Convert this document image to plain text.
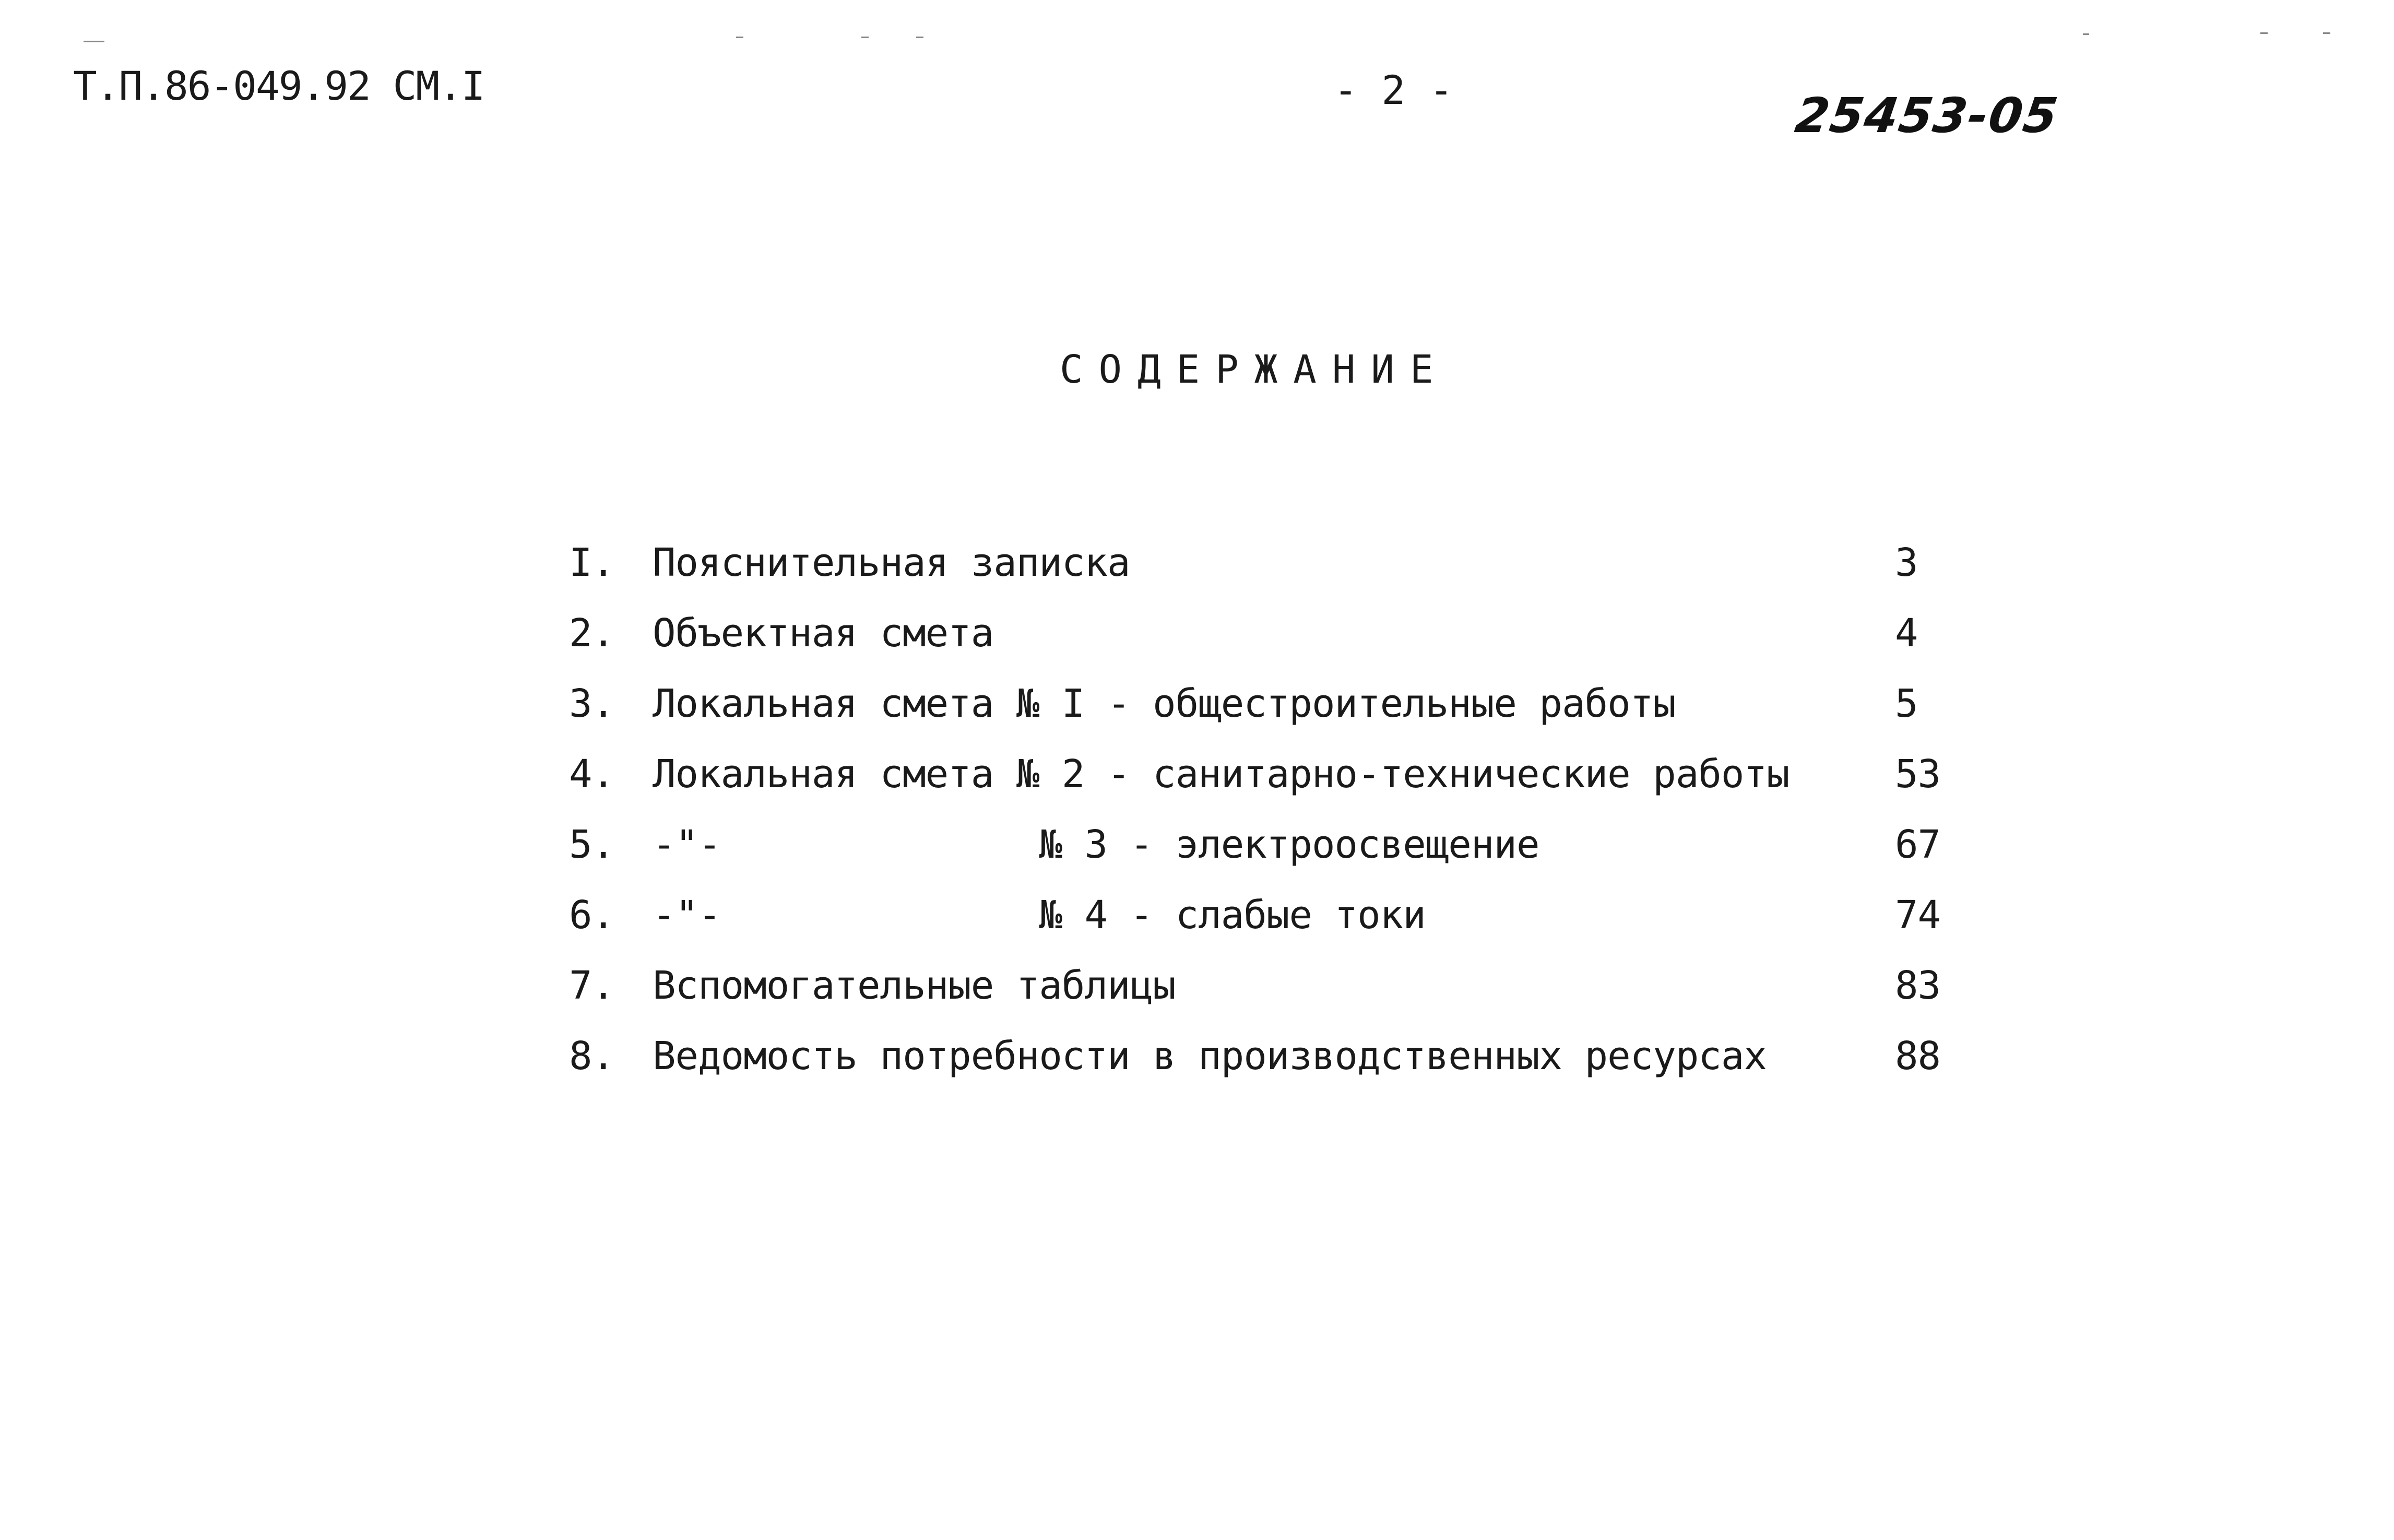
Т.П.86-049.92 СМ.I	- 2 -	25453-05
СОДЕРЖАНИЕ
I. Пояснительная записка	3
2. Объектная смета	4
3. Локальная смета № I - общестроительные работы	5
4. Локальная смета № 2 - санитарно-технические работы	53
5. -"-              № 3 - электроосвещение	67
6. -"-              № 4 - слабые токи	74
7. Вспомогательные таблицы	83
8. Ведомость потребности в производственных ресурсах	88
